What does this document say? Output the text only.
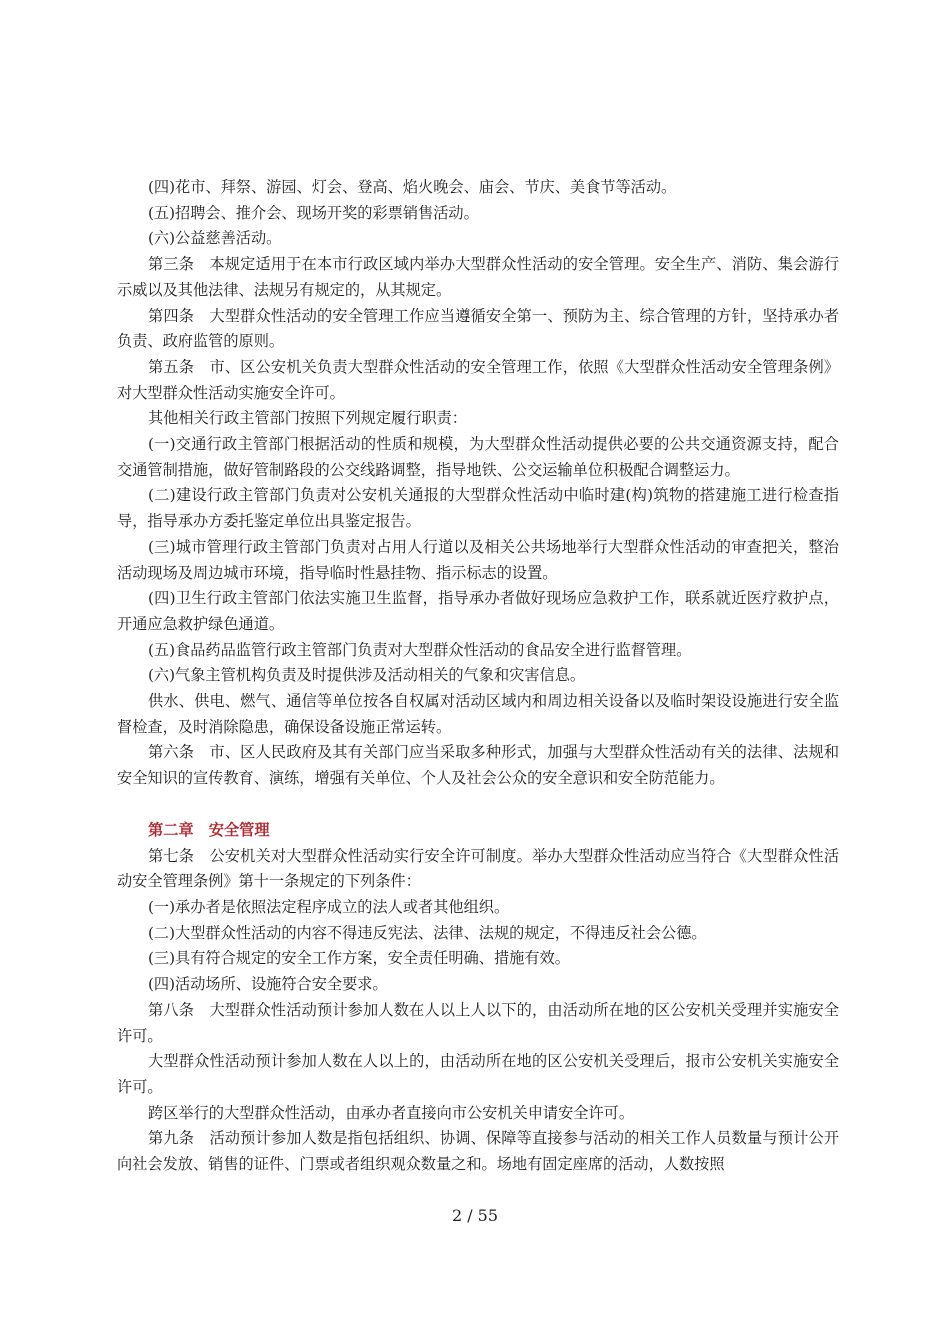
(四)花市、拜祭、游园、灯会、登高、焰火晚会、庙会、节庆、美食节等活动。

(五)招聘会、推介会、现场开奖的彩票销售活动。

(六)公益慈善活动。

第三条　本规定适用于在本市行政区域内举办大型群众性活动的安全管理。安全生产、消防、集会游行示威以及其他法律、法规另有规定的，从其规定。

第四条　大型群众性活动的安全管理工作应当遵循安全第一、预防为主、综合管理的方针，坚持承办者负责、政府监管的原则。

第五条　市、区公安机关负责大型群众性活动的安全管理工作，依照《大型群众性活动安全管理条例》对大型群众性活动实施安全许可。

其他相关行政主管部门按照下列规定履行职责：

(一)交通行政主管部门根据活动的性质和规模，为大型群众性活动提供必要的公共交通资源支持，配合交通管制措施，做好管制路段的公交线路调整，指导地铁、公交运输单位积极配合调整运力。

(二)建设行政主管部门负责对公安机关通报的大型群众性活动中临时建(构)筑物的搭建施工进行检查指导，指导承办方委托鉴定单位出具鉴定报告。

(三)城市管理行政主管部门负责对占用人行道以及相关公共场地举行大型群众性活动的审查把关，整治活动现场及周边城市环境，指导临时性悬挂物、指示标志的设置。

(四)卫生行政主管部门依法实施卫生监督，指导承办者做好现场应急救护工作，联系就近医疗救护点，开通应急救护绿色通道。

(五)食品药品监管行政主管部门负责对大型群众性活动的食品安全进行监督管理。

(六)气象主管机构负责及时提供涉及活动相关的气象和灾害信息。

供水、供电、燃气、通信等单位按各自权属对活动区域内和周边相关设备以及临时架设设施进行安全监督检查，及时消除隐患，确保设备设施正常运转。

第六条　市、区人民政府及其有关部门应当采取多种形式，加强与大型群众性活动有关的法律、法规和安全知识的宣传教育、演练，增强有关单位、个人及社会公众的安全意识和安全防范能力。

第二章　安全管理

第七条　公安机关对大型群众性活动实行安全许可制度。举办大型群众性活动应当符合《大型群众性活动安全管理条例》第十一条规定的下列条件：

(一)承办者是依照法定程序成立的法人或者其他组织。

(二)大型群众性活动的内容不得违反宪法、法律、法规的规定，不得违反社会公德。

(三)具有符合规定的安全工作方案，安全责任明确、措施有效。

(四)活动场所、设施符合安全要求。

第八条　大型群众性活动预计参加人数在人以上人以下的，由活动所在地的区公安机关受理并实施安全许可。

大型群众性活动预计参加人数在人以上的，由活动所在地的区公安机关受理后，报市公安机关实施安全许可。

跨区举行的大型群众性活动，由承办者直接向市公安机关申请安全许可。

第九条　活动预计参加人数是指包括组织、协调、保障等直接参与活动的相关工作人员数量与预计公开向社会发放、销售的证件、门票或者组织观众数量之和。场地有固定座席的活动，人数按照

2 / 55
